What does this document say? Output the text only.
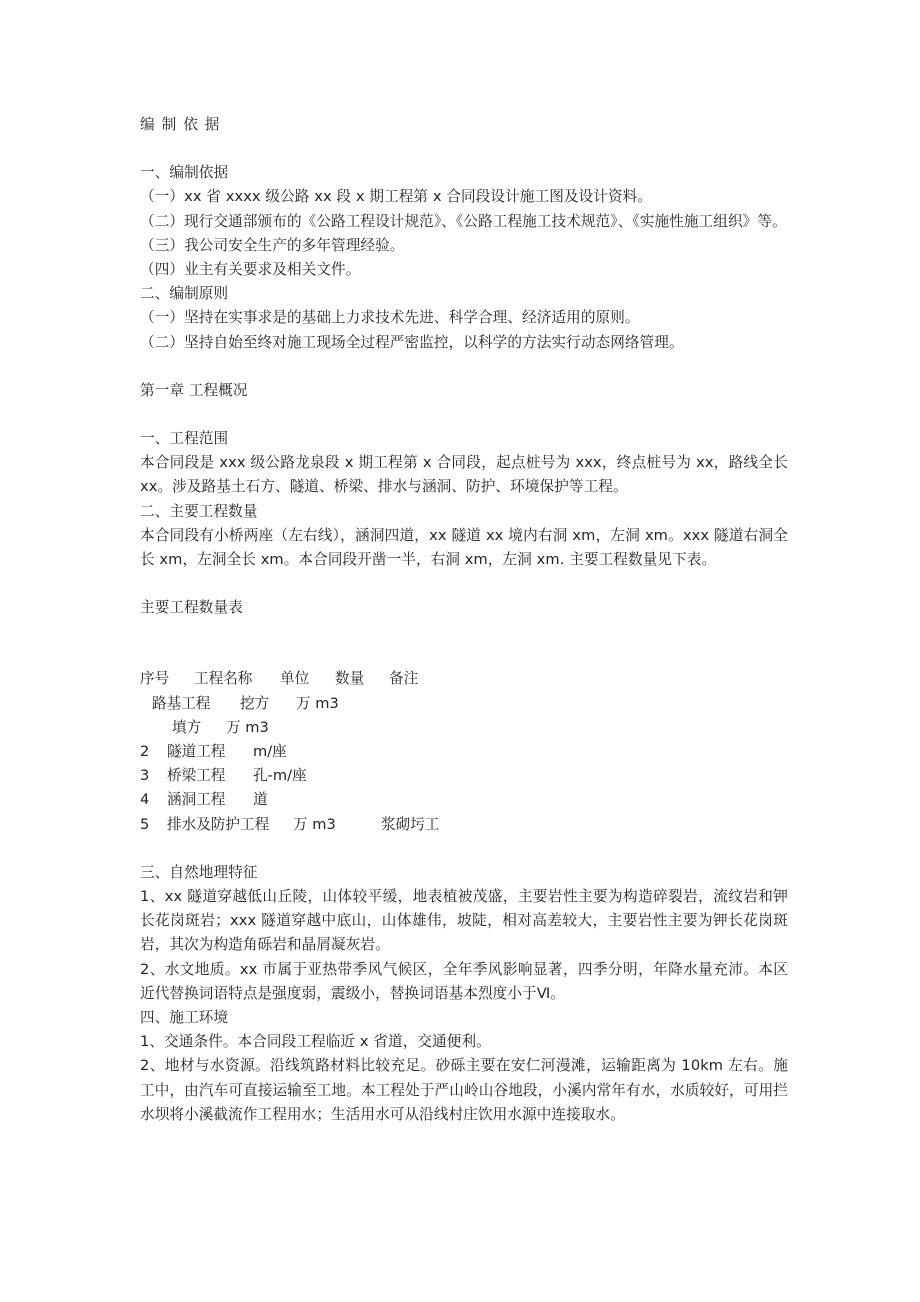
编制依据

一、编制依据

（一）xx 省 xxxx 级公路 xx 段 x 期工程第 x 合同段设计施工图及设计资料。

（二）现行交通部颁布的《公路工程设计规范》、《公路工程施工技术规范》、《实施性施工组织》等。

（三）我公司安全生产的多年管理经验。

（四）业主有关要求及相关文件。

二、编制原则

（一）坚持在实事求是的基础上力求技术先进、科学合理、经济适用的原则。

（二）坚持自始至终对施工现场全过程严密监控，以科学的方法实行动态网络管理。

第一章 工程概况

一、工程范围

本合同段是 xxx 级公路龙泉段 x 期工程第 x 合同段，起点桩号为 xxx，终点桩号为 xx，路线全长 xx。涉及路基土石方、隧道、桥梁、排水与涵洞、防护、环境保护等工程。

二、主要工程数量

本合同段有小桥两座（左右线），涵洞四道，xx 隧道 xx 境内右洞 xm，左洞 xm。xxx 隧道右洞全长 xm，左洞全长 xm。本合同段开凿一半，右洞 xm，左洞 xm. 主要工程数量见下表。

主要工程数量表

序号 工程名称 单位 数量 备注
路基工程 挖方 万 m3
填方 万 m3
2 隧道工程 m/座
3 桥梁工程 孔-m/座
4 涵洞工程 道
5 排水及防护工程 万 m3	浆砌圬工

三、自然地理特征

1、xx 隧道穿越低山丘陵，山体较平缓，地表植被茂盛，主要岩性主要为构造碎裂岩，流纹岩和钾长花岗斑岩；xxx 隧道穿越中底山，山体雄伟，坡陡，相对高差较大，主要岩性主要为钾长花岗斑岩，其次为构造角砾岩和晶屑凝灰岩。

2、水文地质。xx 市属于亚热带季风气候区，全年季风影响显著，四季分明，年降水量充沛。本区近代替换词语特点是强度弱，震级小，替换词语基本烈度小于Ⅵ。

四、施工环境

1、交通条件。本合同段工程临近 x 省道，交通便利。

2、地材与水资源。沿线筑路材料比较充足。砂砾主要在安仁河漫滩，运输距离为 10km 左右。施工中，由汽车可直接运输至工地。本工程处于严山岭山谷地段，小溪内常年有水，水质较好，可用拦水坝将小溪截流作工程用水；生活用水可从沿线村庄饮用水源中连接取水。
